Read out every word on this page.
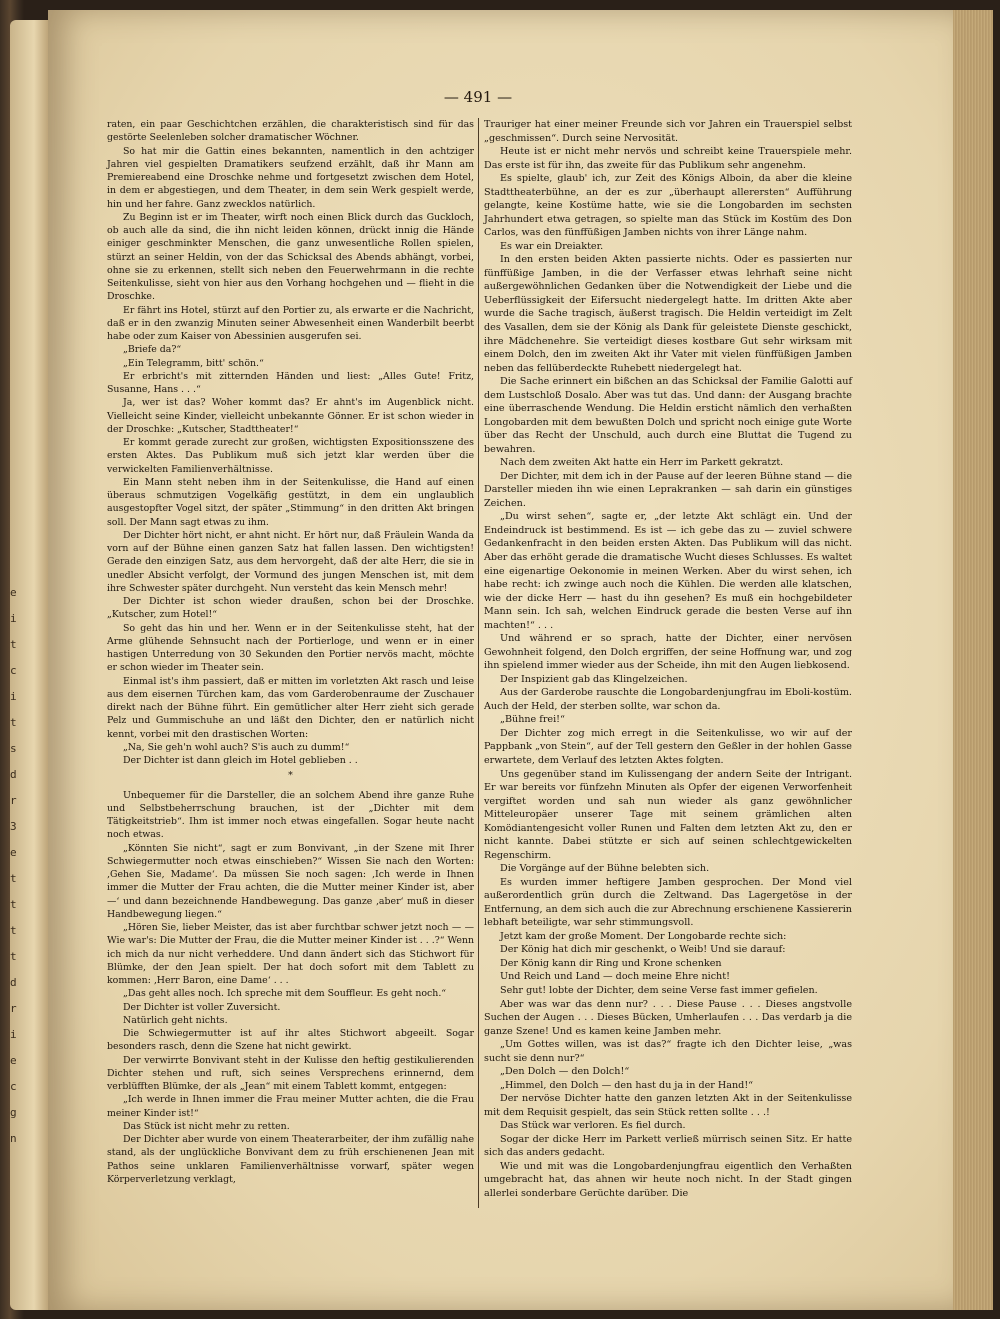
e
i
t
c
i
t
s
d
r
3
e
t
t
t
t
d
r
i
e
c
g
n
— 491 —

raten, ein paar Geschichtchen erzählen, die charakteristisch sind für das gestörte Seelenleben solcher dramatischer Wöchner.

So hat mir die Gattin eines bekannten, namentlich in den achtziger Jahren viel gespielten Dramatikers seufzend erzählt, daß ihr Mann am Premiereabend eine Droschke nehme und fortgesetzt zwischen dem Hotel, in dem er abgestiegen, und dem Theater, in dem sein Werk gespielt werde, hin und her fahre. Ganz zwecklos natürlich.

Zu Beginn ist er im Theater, wirft noch einen Blick durch das Guckloch, ob auch alle da sind, die ihn nicht leiden können, drückt innig die Hände einiger geschminkter Menschen, die ganz unwesentliche Rollen spielen, stürzt an seiner Heldin, von der das Schicksal des Abends abhängt, vorbei, ohne sie zu erkennen, stellt sich neben den Feuerwehrmann in die rechte Seitenkulisse, sieht von hier aus den Vorhang hochgehen und — flieht in die Droschke.

Er fährt ins Hotel, stürzt auf den Portier zu, als erwarte er die Nachricht, daß er in den zwanzig Minuten seiner Abwesenheit einen Wanderbilt beerbt habe oder zum Kaiser von Abessinien ausgerufen sei.

„Briefe da?“

„Ein Telegramm, bitt' schön.“

Er erbricht's mit zitternden Händen und liest: „Alles Gute! Fritz, Susanne, Hans . . .“

Ja, wer ist das? Woher kommt das? Er ahnt's im Augenblick nicht. Vielleicht seine Kinder, vielleicht unbekannte Gönner. Er ist schon wieder in der Droschke: „Kutscher, Stadttheater!“

Er kommt gerade zurecht zur großen, wichtigsten Expositionsszene des ersten Aktes. Das Publikum muß sich jetzt klar werden über die verwickelten Familienverhältnisse.

Ein Mann steht neben ihm in der Seitenkulisse, die Hand auf einen überaus schmutzigen Vogelkäfig gestützt, in dem ein unglaublich ausgestopfter Vogel sitzt, der später „Stimmung“ in den dritten Akt bringen soll. Der Mann sagt etwas zu ihm.

Der Dichter hört nicht, er ahnt nicht. Er hört nur, daß Fräulein Wanda da vorn auf der Bühne einen ganzen Satz hat fallen lassen. Den wichtigsten! Gerade den einzigen Satz, aus dem hervorgeht, daß der alte Herr, die sie in unedler Absicht verfolgt, der Vormund des jungen Menschen ist, mit dem ihre Schwester später durchgeht. Nun versteht das kein Mensch mehr!

Der Dichter ist schon wieder draußen, schon bei der Droschke. „Kutscher, zum Hotel!“

So geht das hin und her. Wenn er in der Seitenkulisse steht, hat der Arme glühende Sehnsucht nach der Portierloge, und wenn er in einer hastigen Unterredung von 30 Sekunden den Portier nervös macht, möchte er schon wieder im Theater sein.

Einmal ist's ihm passiert, daß er mitten im vorletzten Akt rasch und leise aus dem eisernen Türchen kam, das vom Garderobenraume der Zuschauer direkt nach der Bühne führt. Ein gemütlicher alter Herr zieht sich gerade Pelz und Gummischuhe an und läßt den Dichter, den er natürlich nicht kennt, vorbei mit den drastischen Worten:

„Na, Sie geh'n wohl auch? S'is auch zu dumm!“

Der Dichter ist dann gleich im Hotel geblieben . .

*

Unbequemer für die Darsteller, die an solchem Abend ihre ganze Ruhe und Selbstbeherrschung brauchen, ist der „Dichter mit dem Tätigkeitstrieb“. Ihm ist immer noch etwas eingefallen. Sogar heute nacht noch etwas.

„Könnten Sie nicht“, sagt er zum Bonvivant, „in der Szene mit Ihrer Schwiegermutter noch etwas einschieben?“ Wissen Sie nach den Worten: ‚Gehen Sie, Madame‘. Da müssen Sie noch sagen: ‚Ich werde in Ihnen immer die Mutter der Frau achten, die die Mutter meiner Kinder ist, aber —‘ und dann bezeichnende Handbewegung. Das ganze ‚aber‘ muß in dieser Handbewegung liegen.“

„Hören Sie, lieber Meister, das ist aber furchtbar schwer jetzt noch — — Wie war's: Die Mutter der Frau, die die Mutter meiner Kinder ist . . .?“ Wenn ich mich da nur nicht verheddere. Und dann ändert sich das Stichwort für Blümke, der den Jean spielt. Der hat doch sofort mit dem Tablett zu kommen: ‚Herr Baron, eine Dame‘ . . .

„Das geht alles noch. Ich spreche mit dem Souffleur. Es geht noch.“

Der Dichter ist voller Zuversicht.

Natürlich geht nichts.

Die Schwiegermutter ist auf ihr altes Stichwort abgeeilt. Sogar besonders rasch, denn die Szene hat nicht gewirkt.

Der verwirrte Bonvivant steht in der Kulisse den heftig gestikulierenden Dichter stehen und ruft, sich seines Versprechens erinnernd, dem verblüfften Blümke, der als „Jean“ mit einem Tablett kommt, entgegen:

„Ich werde in Ihnen immer die Frau meiner Mutter achten, die die Frau meiner Kinder ist!“

Das Stück ist nicht mehr zu retten.

Der Dichter aber wurde von einem Theaterarbeiter, der ihm zufällig nahe stand, als der unglückliche Bonvivant dem zu früh erschienenen Jean mit Pathos seine unklaren Familienverhältnisse vorwarf, später wegen Körperverletzung verklagt,

Trauriger hat einer meiner Freunde sich vor Jahren ein Trauerspiel selbst „geschmissen“. Durch seine Nervosität.

Heute ist er nicht mehr nervös und schreibt keine Trauerspiele mehr. Das erste ist für ihn, das zweite für das Publikum sehr angenehm.

Es spielte, glaub' ich, zur Zeit des Königs Alboin, da aber die kleine Stadttheaterbühne, an der es zur „überhaupt allerersten“ Aufführung gelangte, keine Kostüme hatte, wie sie die Longobarden im sechsten Jahrhundert etwa getragen, so spielte man das Stück im Kostüm des Don Carlos, was den fünffüßigen Jamben nichts von ihrer Länge nahm.

Es war ein Dreiakter.

In den ersten beiden Akten passierte nichts. Oder es passierten nur fünffüßige Jamben, in die der Verfasser etwas lehrhaft seine nicht außergewöhnlichen Gedanken über die Notwendigkeit der Liebe und die Ueberflüssigkeit der Eifersucht niedergelegt hatte. Im dritten Akte aber wurde die Sache tragisch, äußerst tragisch. Die Heldin verteidigt im Zelt des Vasallen, dem sie der König als Dank für geleistete Dienste geschickt, ihre Mädchenehre. Sie verteidigt dieses kostbare Gut sehr wirksam mit einem Dolch, den im zweiten Akt ihr Vater mit vielen fünffüßigen Jamben neben das fellüberdeckte Ruhebett niedergelegt hat.

Die Sache erinnert ein bißchen an das Schicksal der Familie Galotti auf dem Lustschloß Dosalo. Aber was tut das. Und dann: der Ausgang brachte eine überraschende Wendung. Die Heldin ersticht nämlich den verhaßten Longobarden mit dem bewußten Dolch und spricht noch einige gute Worte über das Recht der Unschuld, auch durch eine Bluttat die Tugend zu bewahren.

Nach dem zweiten Akt hatte ein Herr im Parkett gekratzt.

Der Dichter, mit dem ich in der Pause auf der leeren Bühne stand — die Darsteller mieden ihn wie einen Leprakranken — sah darin ein günstiges Zeichen.

„Du wirst sehen“, sagte er, „der letzte Akt schlägt ein. Und der Endeindruck ist bestimmend. Es ist — ich gebe das zu — zuviel schwere Gedankenfracht in den beiden ersten Akten. Das Publikum will das nicht. Aber das erhöht gerade die dramatische Wucht dieses Schlusses. Es waltet eine eigenartige Oekonomie in meinen Werken. Aber du wirst sehen, ich habe recht: ich zwinge auch noch die Kühlen. Die werden alle klatschen, wie der dicke Herr — hast du ihn gesehen? Es muß ein hochgebildeter Mann sein. Ich sah, welchen Eindruck gerade die besten Verse auf ihn machten!“ . . .

Und während er so sprach, hatte der Dichter, einer nervösen Gewohnheit folgend, den Dolch ergriffen, der seine Hoffnung war, und zog ihn spielend immer wieder aus der Scheide, ihn mit den Augen liebkosend.

Der Inspizient gab das Klingelzeichen.

Aus der Garderobe rauschte die Longobardenjungfrau im Eboli-kostüm. Auch der Held, der sterben sollte, war schon da.

„Bühne frei!“

Der Dichter zog mich erregt in die Seitenkulisse, wo wir auf der Pappbank „von Stein“, auf der Tell gestern den Geßler in der hohlen Gasse erwartete, dem Verlauf des letzten Aktes folgten.

Uns gegenüber stand im Kulissengang der andern Seite der Intrigant. Er war bereits vor fünfzehn Minuten als Opfer der eigenen Verworfenheit vergiftet worden und sah nun wieder als ganz gewöhnlicher Mitteleuropäer unserer Tage mit seinem grämlichen alten Komödiantengesicht voller Runen und Falten dem letzten Akt zu, den er nicht kannte. Dabei stützte er sich auf seinen schlechtgewickelten Regenschirm.

Die Vorgänge auf der Bühne belebten sich.

Es wurden immer heftigere Jamben gesprochen. Der Mond viel außerordentlich grün durch die Zeltwand. Das Lagergetöse in der Entfernung, an dem sich auch die zur Abrechnung erschienene Kassiererin lebhaft beteiligte, war sehr stimmungsvoll.

Jetzt kam der große Moment. Der Longobarde rechte sich:

Der König hat dich mir geschenkt, o Weib! Und sie darauf:

Der König kann dir Ring und Krone schenken

Und Reich und Land — doch meine Ehre nicht!

Sehr gut! lobte der Dichter, dem seine Verse fast immer gefielen.

Aber was war das denn nur? . . . Diese Pause . . . Dieses angstvolle Suchen der Augen . . . Dieses Bücken, Umherlaufen . . . Das verdarb ja die ganze Szene! Und es kamen keine Jamben mehr.

„Um Gottes willen, was ist das?“ fragte ich den Dichter leise, „was sucht sie denn nur?“

„Den Dolch — den Dolch!“

„Himmel, den Dolch — den hast du ja in der Hand!“

Der nervöse Dichter hatte den ganzen letzten Akt in der Seitenkulisse mit dem Requisit gespielt, das sein Stück retten sollte . . .!

Das Stück war verloren. Es fiel durch.

Sogar der dicke Herr im Parkett verließ mürrisch seinen Sitz. Er hatte sich das anders gedacht.

Wie und mit was die Longobardenjungfrau eigentlich den Verhaßten umgebracht hat, das ahnen wir heute noch nicht. In der Stadt gingen allerlei sonderbare Gerüchte darüber. Die
